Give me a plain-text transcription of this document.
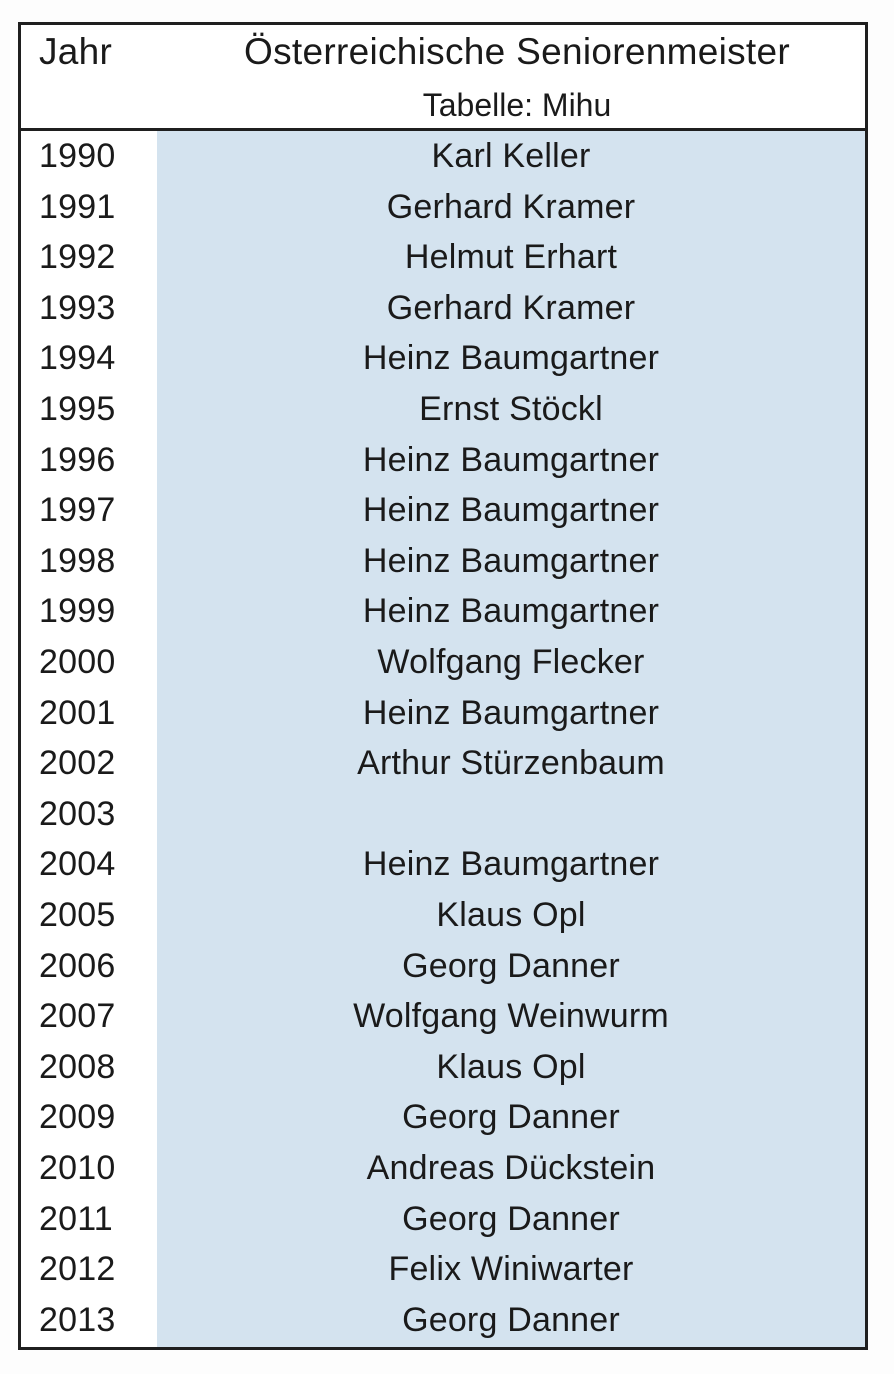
Jahr	Österreichische Seniorenmeister
Tabelle: Mihu
1990	Karl Keller
1991	Gerhard Kramer
1992	Helmut Erhart
1993	Gerhard Kramer
1994	Heinz Baumgartner
1995	Ernst Stöckl
1996	Heinz Baumgartner
1997	Heinz Baumgartner
1998	Heinz Baumgartner
1999	Heinz Baumgartner
2000	Wolfgang Flecker
2001	Heinz Baumgartner
2002	Arthur Stürzenbaum
2003
2004	Heinz Baumgartner
2005	Klaus Opl
2006	Georg Danner
2007	Wolfgang Weinwurm
2008	Klaus Opl
2009	Georg Danner
2010	Andreas Dückstein
2011	Georg Danner
2012	Felix Winiwarter
2013	Georg Danner
